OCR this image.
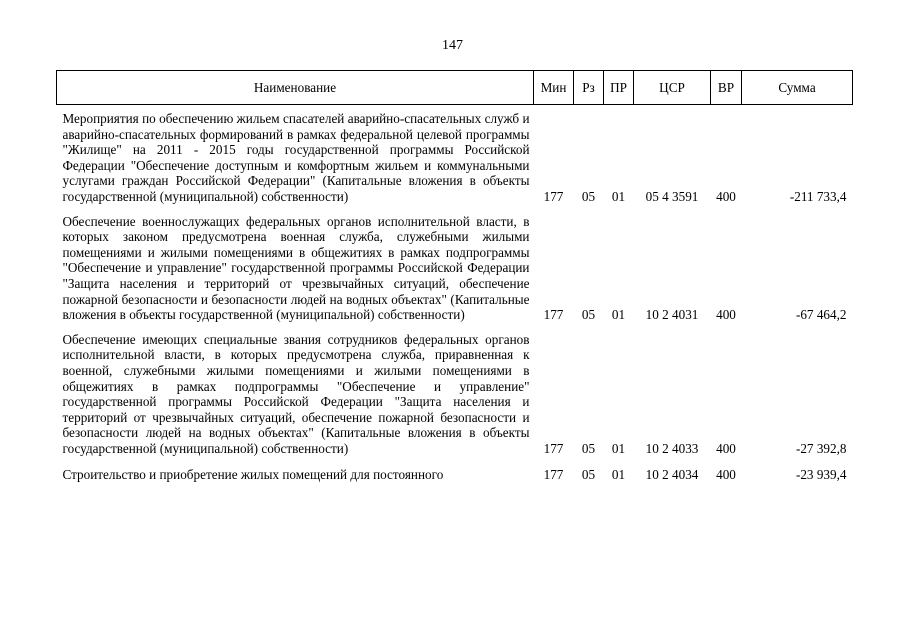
147
Наименование	Мин	Рз	ПР	ЦСР	ВР	Сумма
Мероприятия по обеспечению жильем спасателей аварийно-спасательных служб и аварийно-спасательных формирований в рамках федеральной целевой программы "Жилище" на 2011 - 2015 годы государственной программы Российской Федерации "Обеспечение доступным и комфортным жильем и коммунальными услугами граждан Российской Федерации" (Капитальные вложения в объекты государственной (муниципальной) собственности)	177	05	01	05 4 3591	400	-211 733,4
Обеспечение военнослужащих федеральных органов исполнительной власти, в которых законом предусмотрена военная служба, служебными жилыми помещениями и жилыми помещениями в общежитиях в рамках подпрограммы "Обеспечение и управление" государственной программы Российской Федерации "Защита населения и территорий от чрезвычайных ситуаций, обеспечение пожарной безопасности и безопасности людей на водных объектах" (Капитальные вложения в объекты государственной (муниципальной) собственности)	177	05	01	10 2 4031	400	-67 464,2
Обеспечение имеющих специальные звания сотрудников федеральных органов исполнительной власти, в которых предусмотрена служба, приравненная к военной, служебными жилыми помещениями и жилыми помещениями в общежитиях в рамках подпрограммы "Обеспечение и управление" государственной программы Российской Федерации "Защита населения и территорий от чрезвычайных ситуаций, обеспечение пожарной безопасности и безопасности людей на водных объектах" (Капитальные вложения в объекты государственной (муниципальной) собственности)	177	05	01	10 2 4033	400	-27 392,8
Строительство и приобретение жилых помещений для постоянного	177	05	01	10 2 4034	400	-23 939,4
